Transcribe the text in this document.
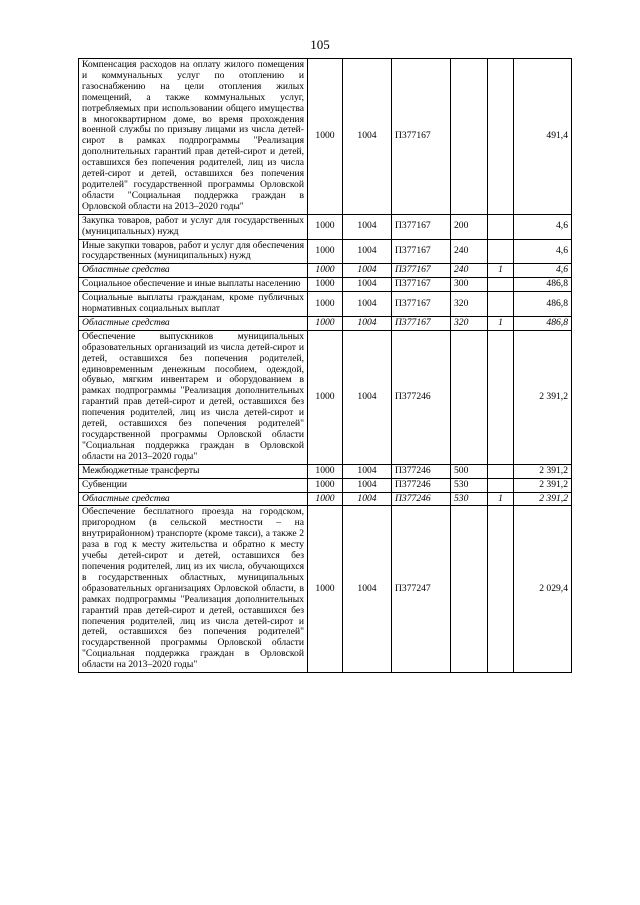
105
Компенсация расходов на оплату жилого помещения и коммунальных услуг по отоплению и газоснабжению на цели отопления жилых помещений, а также коммунальных услуг, потребляемых при использовании общего имущества в многоквартирном доме, во время прохождения военной службы по призыву лицами из числа детей-сирот в рамках подпрограммы "Реализация дополнительных гарантий прав детей-сирот и детей, оставшихся без попечения родителей, лиц из числа детей-сирот и детей, оставшихся без попечения родителей" государственной программы Орловской области "Социальная поддержка граждан в Орловской области на 2013–2020 годы"	1000	1004	П377167			491,4
Закупка товаров, работ и услуг для государственных (муниципальных) нужд	1000	1004	П377167	200		4,6
Иные закупки товаров, работ и услуг для обеспечения государственных (муниципальных) нужд	1000	1004	П377167	240		4,6
Областные средства	1000	1004	П377167	240	1	4,6
Социальное обеспечение и иные выплаты населению	1000	1004	П377167	300		486,8
Социальные выплаты гражданам, кроме публичных нормативных социальных выплат	1000	1004	П377167	320		486,8
Областные средства	1000	1004	П377167	320	1	486,8
Обеспечение выпускников муниципальных образовательных организаций из числа детей-сирот и детей, оставшихся без попечения родителей, единовременным денежным пособием, одеждой, обувью, мягким инвентарем и оборудованием в рамках подпрограммы "Реализация дополнительных гарантий прав детей-сирот и детей, оставшихся без попечения родителей, лиц из числа детей-сирот и детей, оставшихся без попечения родителей" государственной программы Орловской области "Социальная поддержка граждан в Орловской области на 2013–2020 годы"	1000	1004	П377246			2 391,2
Межбюджетные трансферты	1000	1004	П377246	500		2 391,2
Субвенции	1000	1004	П377246	530		2 391,2
Областные средства	1000	1004	П377246	530	1	2 391,2
Обеспечение бесплатного проезда на городском, пригородном (в сельской местности – на внутрирайонном) транспорте (кроме такси), а также 2 раза в год к месту жительства и обратно к месту учебы детей-сирот и детей, оставшихся без попечения родителей, лиц из их числа, обучающихся в государственных областных, муниципальных образовательных организациях Орловской области, в рамках подпрограммы "Реализация дополнительных гарантий прав детей-сирот и детей, оставшихся без попечения родителей, лиц из числа детей-сирот и детей, оставшихся без попечения родителей" государственной программы Орловской области "Социальная поддержка граждан в Орловской области на 2013–2020 годы"	1000	1004	П377247			2 029,4
